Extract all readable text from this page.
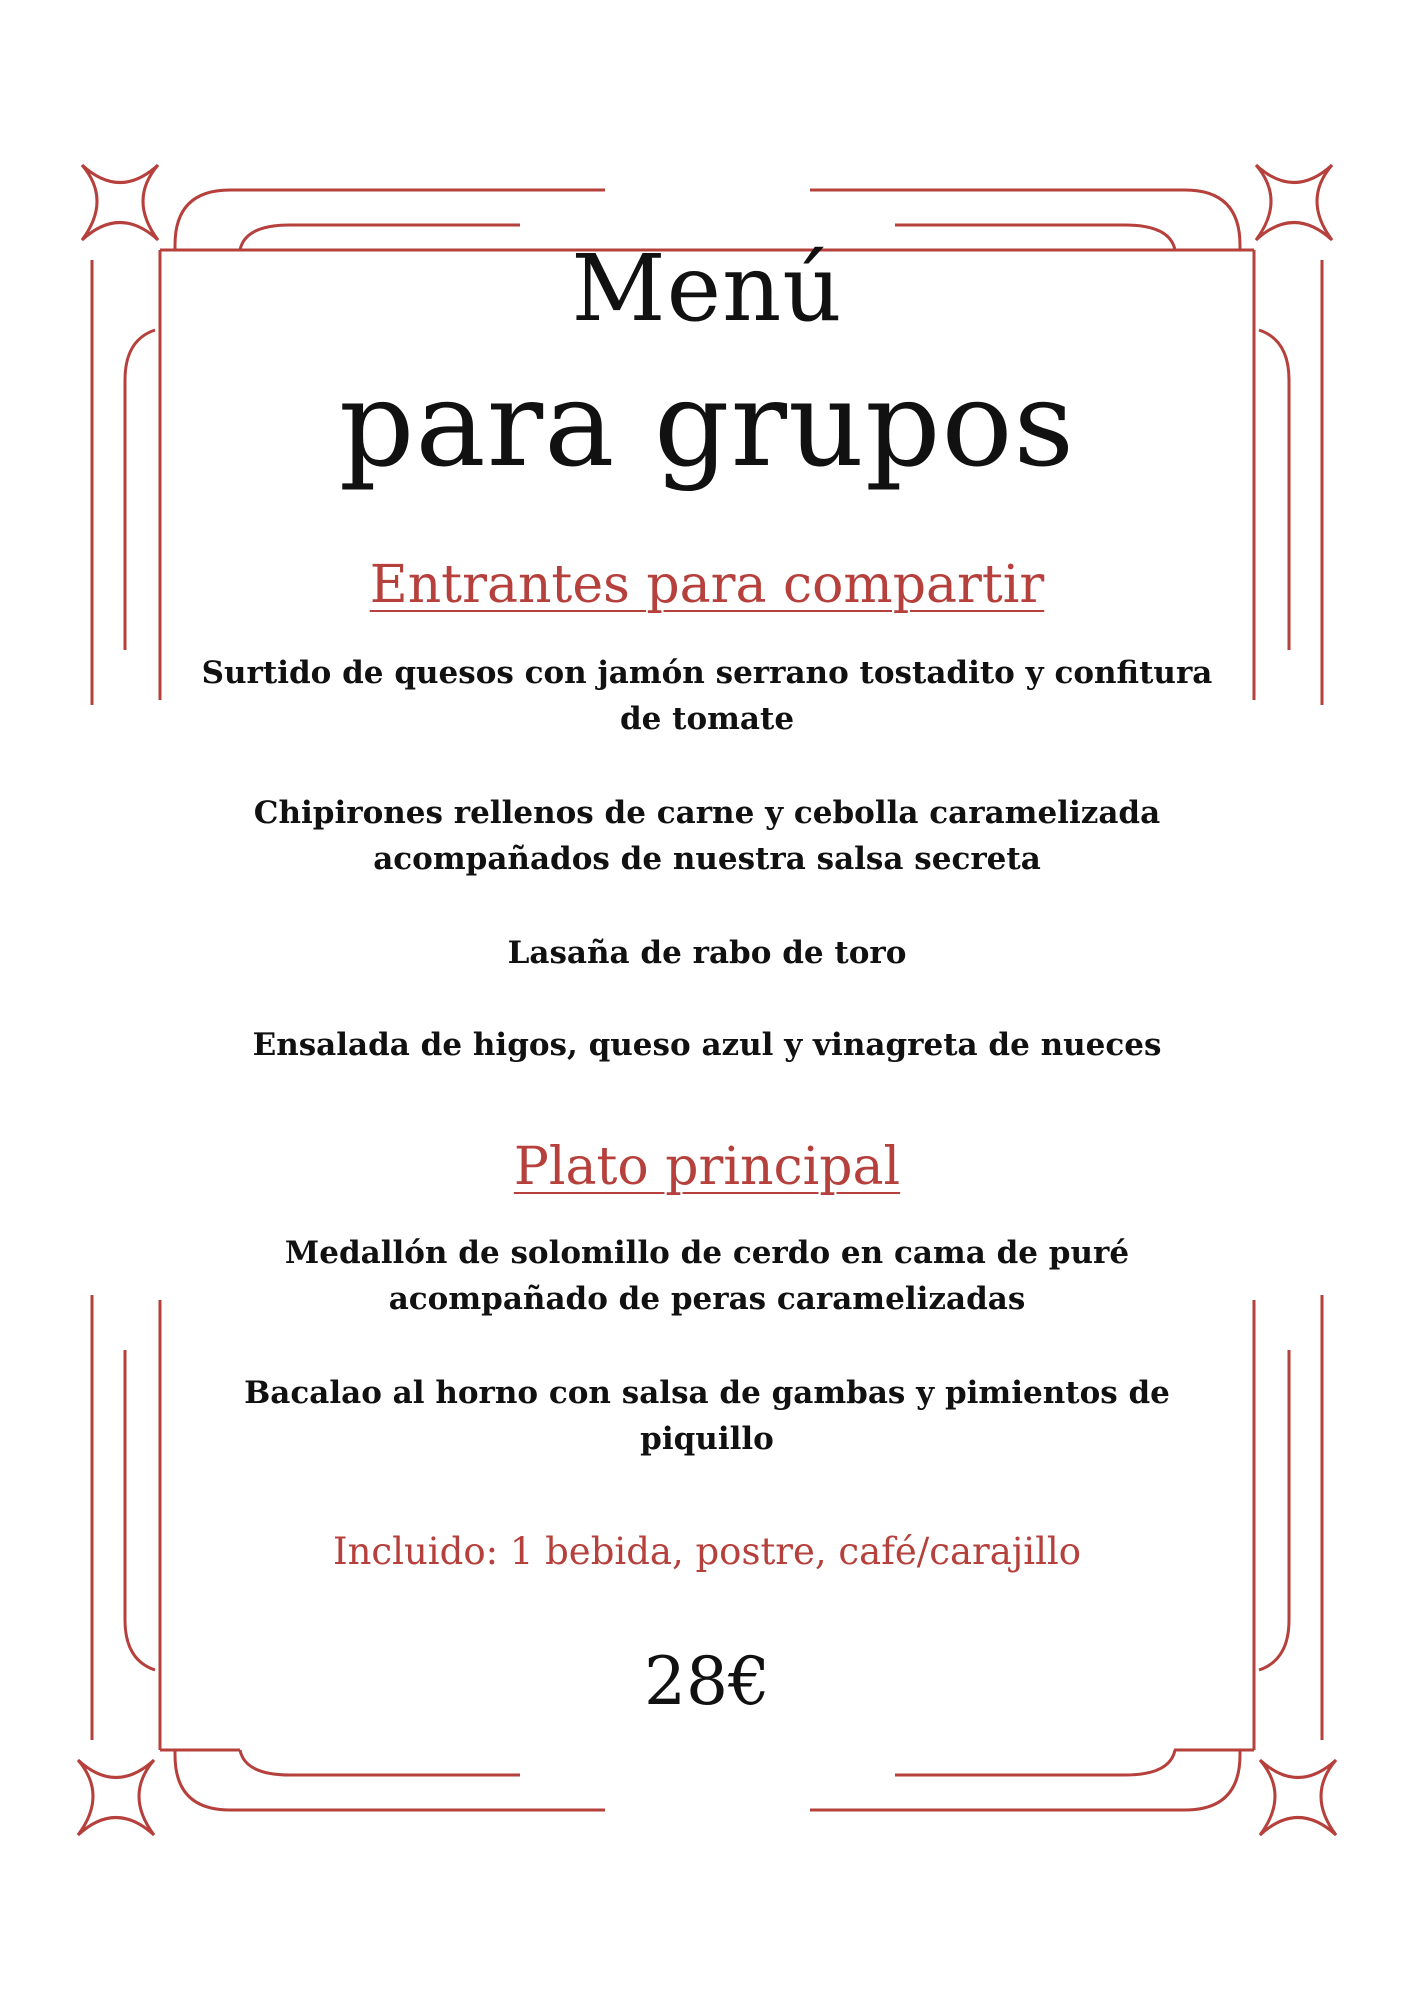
Menú
para grupos
Entrantes para compartir
Surtido de quesos con jamón serrano tostadito y confitura
de tomate
Chipirones rellenos de carne y cebolla caramelizada
acompañados de nuestra salsa secreta
Lasaña de rabo de toro
Ensalada de higos, queso azul y vinagreta de nueces
Plato principal
Medallón de solomillo de cerdo en cama de puré
acompañado de peras caramelizadas
Bacalao al horno con salsa de gambas y pimientos de
piquillo
Incluido: 1 bebida, postre, café/carajillo
28€
